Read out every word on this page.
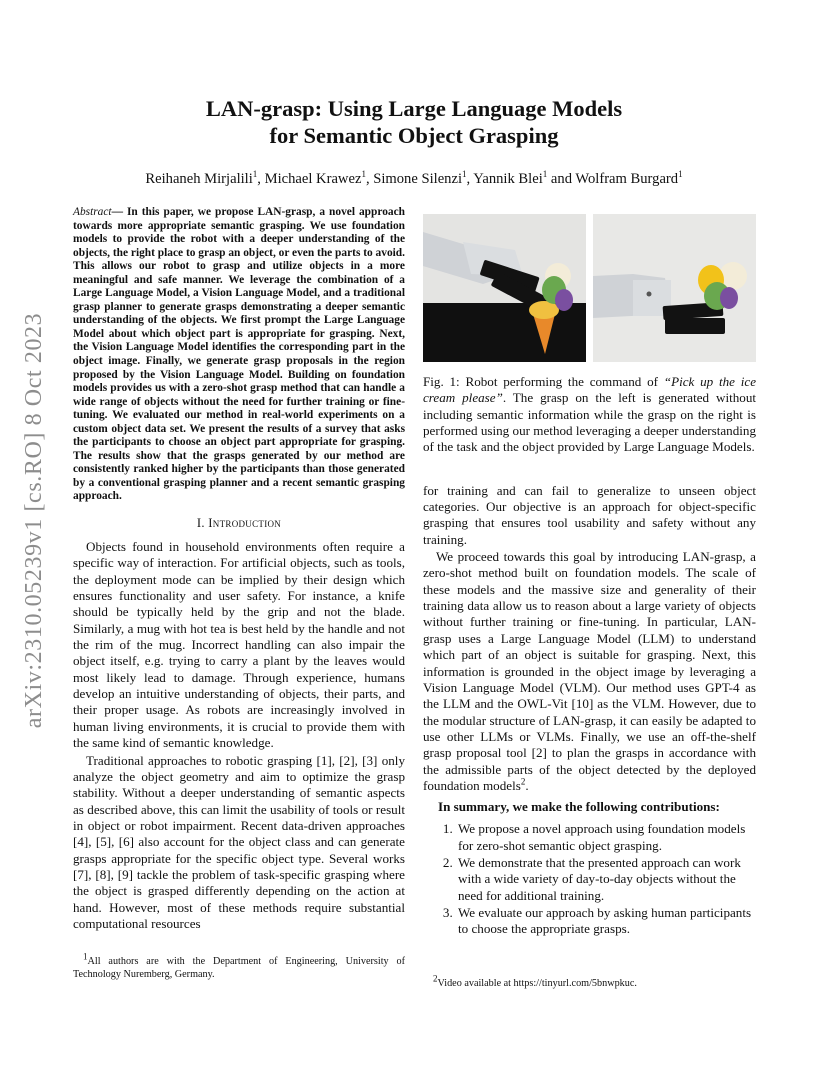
arXiv:2310.05239v1 [cs.RO] 8 Oct 2023
LAN-grasp: Using Large Language Models
for Semantic Object Grasping
Reihaneh Mirjalili$^1$, Michael Krawez$^1$, Simone Silenzi$^1$, Yannik Blei$^1$ and Wolfram Burgard$^1$
Abstract— In this paper, we propose LAN-grasp, a novel approach towards more appropriate semantic grasping. We use foundation models to provide the robot with a deeper understanding of the objects, the right place to grasp an object, or even the parts to avoid. This allows our robot to grasp and utilize objects in a more meaningful and safe manner. We leverage the combination of a Large Language Model, a Vision Language Model, and a traditional grasp planner to generate grasps demonstrating a deeper semantic understanding of the objects. We first prompt the Large Language Model about which object part is appropriate for grasping. Next, the Vision Language Model identifies the corresponding part in the object image. Finally, we generate grasp proposals in the region proposed by the Vision Language Model. Building on foundation models provides us with a zero-shot grasp method that can handle a wide range of objects without the need for further training or fine-tuning. We evaluated our method in real-world experiments on a custom object data set. We present the results of a survey that asks the participants to choose an object part appropriate for grasping. The results show that the grasps generated by our method are consistently ranked higher by the participants than those generated by a conventional grasping planner and a recent semantic grasping approach.
I. Introduction

Objects found in household environments often require a specific way of interaction. For artificial objects, such as tools, the deployment mode can be implied by their design which ensures functionality and user safety. For instance, a knife should be typically held by the grip and not the blade. Similarly, a mug with hot tea is best held by the handle and not the rim of the mug. Incorrect handling can also impair the object itself, e.g. trying to carry a plant by the leaves would most likely lead to damage. Through experience, humans develop an intuitive understanding of objects, their parts, and their proper usage. As robots are increasingly involved in human living environments, it is crucial to provide them with the same kind of semantic knowledge.

Traditional approaches to robotic grasping [1], [2], [3] only analyze the object geometry and aim to optimize the grasp stability. Without a deeper understanding of semantic aspects as described above, this can limit the usability of tools or result in object or robot impairment. Recent data-driven approaches [4], [5], [6] also account for the object class and can generate grasps appropriate for the specific object type. Several works [7], [8], [9] tackle the problem of task-specific grasping where the object is grasped differently depending on the action at hand. However, most of these methods require substantial computational resources

$^1$All authors are with the Department of Engineering, University of Technology Nuremberg, Germany.
Fig. 1: Robot performing the command of “Pick up the ice cream please”. The grasp on the left is generated without including semantic information while the grasp on the right is performed using our method leveraging a deeper understanding of the task and the object provided by Large Language Models.

for training and can fail to generalize to unseen object categories. Our objective is an approach for object-specific grasping that ensures tool usability and safety without any training.

We proceed towards this goal by introducing LAN-grasp, a zero-shot method built on foundation models. The scale of these models and the massive size and generality of their training data allow us to reason about a large variety of objects without further training or fine-tuning. In particular, LAN-grasp uses a Large Language Model (LLM) to understand which part of an object is suitable for grasping. Next, this information is grounded in the object image by leveraging a Vision Language Model (VLM). Our method uses GPT-4 as the LLM and the OWL-Vit [10] as the VLM. However, due to the modular structure of LAN-grasp, it can easily be adapted to use other LLMs or VLMs. Finally, we use an off-the-shelf grasp proposal tool [2] to plan the grasps in accordance with the admissible parts of the object detected by the deployed foundation models$^2$.

In summary, we make the following contributions:
1. We propose a novel approach using foundation models for zero-shot semantic object grasping.
2. We demonstrate that the presented approach can work with a wide variety of day-to-day objects without the need for additional training.
3. We evaluate our approach by asking human participants to choose the appropriate grasps.
$^2$Video available at https://tinyurl.com/5bnwpkuc.
